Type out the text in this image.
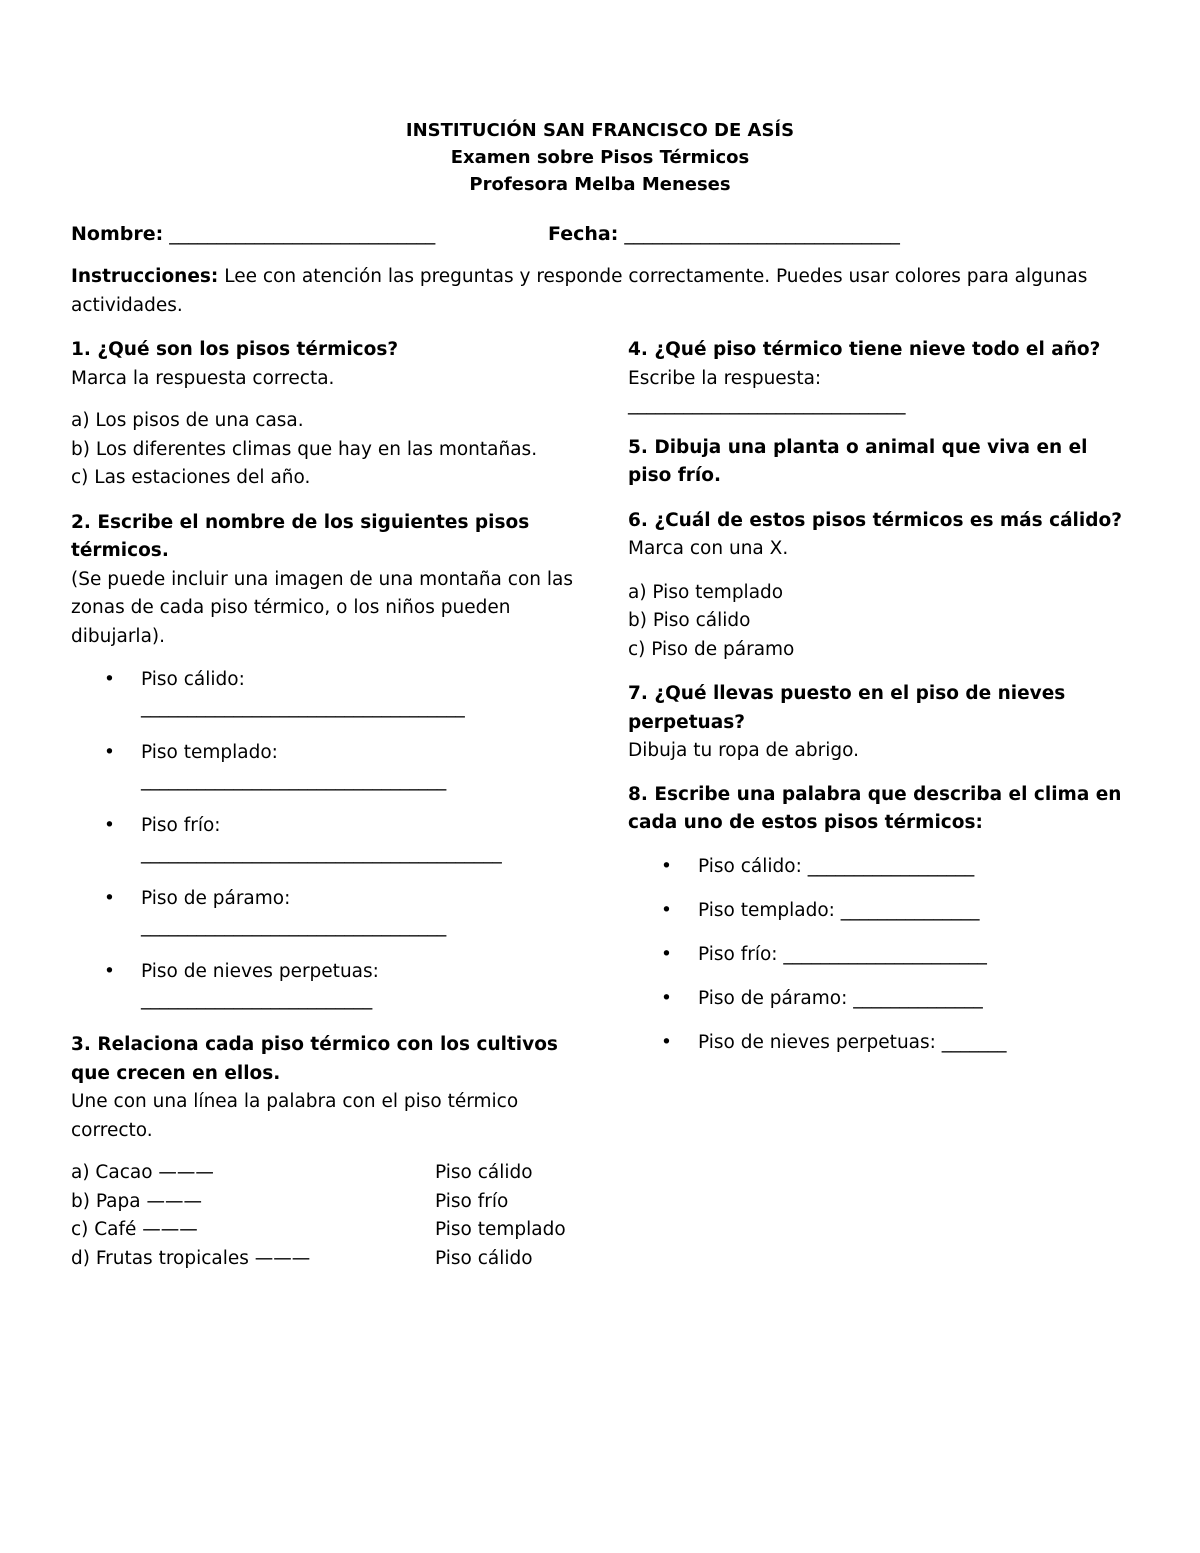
INSTITUCIÓN SAN FRANCISCO DE ASÍS
Examen sobre Pisos Térmicos
Profesora Melba Meneses
Nombre: ____________________________	Fecha: _____________________________
Instrucciones: Lee con atención las preguntas y responde correctamente. Puedes usar colores para algunas actividades.
1. ¿Qué son los pisos térmicos?
Marca la respuesta correcta.
a) Los pisos de una casa.
b) Los diferentes climas que hay en las montañas.
c) Las estaciones del año.
2. Escribe el nombre de los siguientes pisos térmicos.
(Se puede incluir una imagen de una montaña con las zonas de cada piso térmico, o los niños pueden dibujarla).
• Piso cálido:
___________________________________
• Piso templado:
_________________________________
• Piso frío:
_______________________________________
• Piso de páramo:
_________________________________
• Piso de nieves perpetuas:
_________________________
3. Relaciona cada piso térmico con los cultivos que crecen en ellos.
Une con una línea la palabra con el piso térmico correcto.
a) Cacao ———	Piso cálido
b) Papa ———	Piso frío
c) Café ———	Piso templado
d) Frutas tropicales ———	Piso cálido
4. ¿Qué piso térmico tiene nieve todo el año?
Escribe la respuesta:
______________________________
5. Dibuja una planta o animal que viva en el piso frío.
6. ¿Cuál de estos pisos térmicos es más cálido?
Marca con una X.
a) Piso templado
b) Piso cálido
c) Piso de páramo
7. ¿Qué llevas puesto en el piso de nieves perpetuas?
Dibuja tu ropa de abrigo.
8. Escribe una palabra que describa el clima en cada uno de estos pisos térmicos:
• Piso cálido: __________________
• Piso templado: _______________
• Piso frío: ______________________
• Piso de páramo: ______________
• Piso de nieves perpetuas: _______
